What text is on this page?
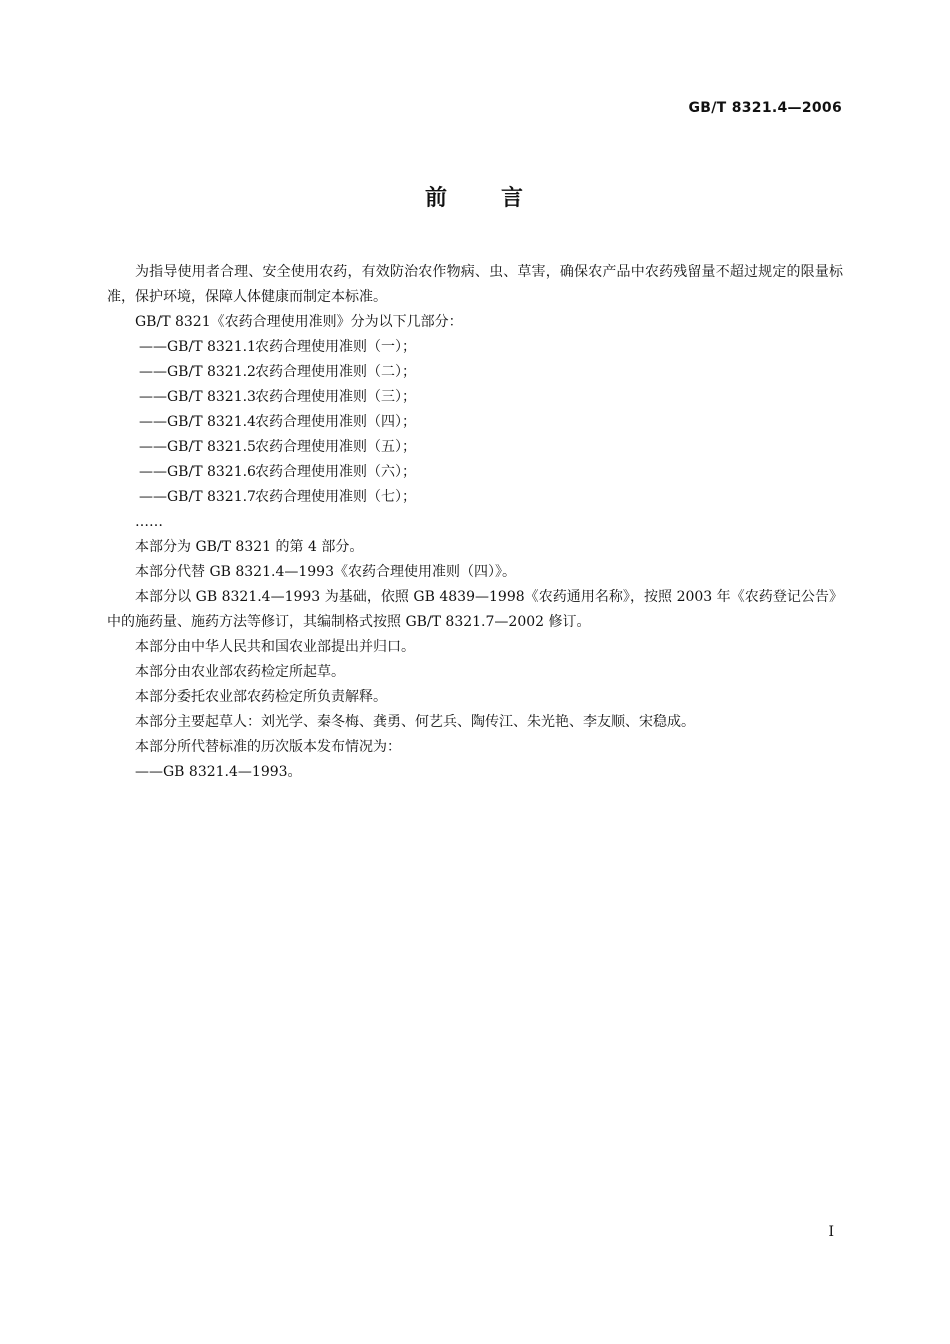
GB/T 8321.4—2006
前 言

为指导使用者合理、安全使用农药，有效防治农作物病、虫、草害，确保农产品中农药残留量不超过规定的限量标准，保护环境，保障人体健康而制定本标准。

GB/T 8321《农药合理使用准则》分为以下几部分：

——GB/T 8321.1农药合理使用准则（一）；
——GB/T 8321.2农药合理使用准则（二）；
——GB/T 8321.3农药合理使用准则（三）；
——GB/T 8321.4农药合理使用准则（四）；
——GB/T 8321.5农药合理使用准则（五）；
——GB/T 8321.6农药合理使用准则（六）；
——GB/T 8321.7农药合理使用准则（七）；
……

本部分为 GB/T 8321 的第 4 部分。

本部分代替 GB 8321.4—1993《农药合理使用准则（四）》。

本部分以 GB 8321.4—1993 为基础，依照 GB 4839—1998《农药通用名称》，按照 2003 年《农药登记公告》中的施药量、施药方法等修订，其编制格式按照 GB/T 8321.7—2002 修订。

本部分由中华人民共和国农业部提出并归口。

本部分由农业部农药检定所起草。

本部分委托农业部农药检定所负责解释。

本部分主要起草人：刘光学、秦冬梅、龚勇、何艺兵、陶传江、朱光艳、李友顺、宋稳成。

本部分所代替标准的历次版本发布情况为：

——GB 8321.4—1993。
I
